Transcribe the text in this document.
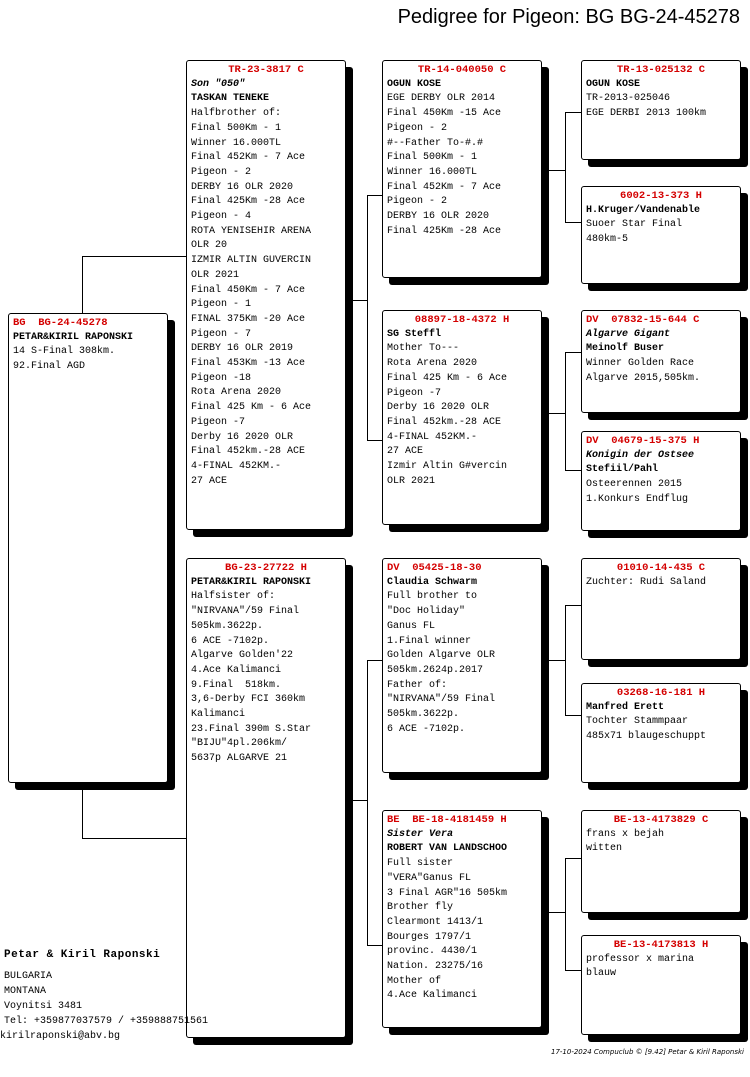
Pedigree for Pigeon: BG BG-24-45278
BG  BG-24-45278
PETAR&KIRIL RAPONSKI
14 S-Final 308km.
92.Final AGD
TR-23-3817 C
Son "050"
TASKAN TENEKE
Halfbrother of:
Final 500Km - 1
Winner 16.000TL
Final 452Km - 7 Ace
Pigeon - 2
DERBY 16 OLR 2020
Final 425Km -28 Ace
Pigeon - 4
ROTA YENISEHIR ARENA
OLR 20
IZMIR ALTIN GUVERCIN
OLR 2021
Final 450Km - 7 Ace
Pigeon - 1
FINAL 375Km -20 Ace
Pigeon - 7
DERBY 16 OLR 2019
Final 453Km -13 Ace
Pigeon -18
Rota Arena 2020
Final 425 Km - 6 Ace
Pigeon -7
Derby 16 2020 OLR
Final 452km.-28 ACE
4-FINAL 452KM.-
27 ACE
BG-23-27722 H
PETAR&KIRIL RAPONSKI
Halfsister of:
"NIRVANA"/59 Final
505km.3622p.
6 ACE -7102p.
Algarve Golden'22
4.Ace Kalimanci
9.Final  518km.
3,6-Derby FCI 360km
Kalimanci
23.Final 390m S.Star
"BIJU"4pl.206km/
5637p ALGARVE 21
TR-14-040050 C
OGUN KOSE
EGE DERBY OLR 2014
Final 450Km -15 Ace
Pigeon - 2
#--Father To-#.#
Final 500Km - 1
Winner 16.000TL
Final 452Km - 7 Ace
Pigeon - 2
DERBY 16 OLR 2020
Final 425Km -28 Ace
08897-18-4372 H
SG Steffl
Mother To---
Rota Arena 2020
Final 425 Km - 6 Ace
Pigeon -7
Derby 16 2020 OLR
Final 452km.-28 ACE
4-FINAL 452KM.-
27 ACE
Izmir Altin G#vercin
OLR 2021
DV  05425-18-30
Claudia Schwarm
Full brother to
"Doc Holiday"
Ganus FL
1.Final winner
Golden Algarve OLR
505km.2624p.2017
Father of:
"NIRVANA"/59 Final
505km.3622p.
6 ACE -7102p.
BE  BE-18-4181459 H
Sister Vera
ROBERT VAN LANDSCHOO
Full sister
"VERA"Ganus FL
3 Final AGR"16 505km
Brother fly
Clearmont 1413/1
Bourges 1797/1
provinc. 4430/1
Nation. 23275/16
Mother of
4.Ace Kalimanci
TR-13-025132 C
OGUN KOSE
TR-2013-025046
EGE DERBI 2013 100km
6002-13-373 H
H.Kruger/Vandenable
Suoer Star Final
480km-5
DV  07832-15-644 C
Algarve Gigant
Meinolf Buser
Winner Golden Race
Algarve 2015,505km.
DV  04679-15-375 H
Konigin der Ostsee
Stefiil/Pahl
Osteerennen 2015
1.Konkurs Endflug
01010-14-435 C
Zuchter: Rudi Saland
03268-16-181 H
Manfred Erett
Tochter Stammpaar
485x71 blaugeschuppt
BE-13-4173829 C
frans x bejah
witten
BE-13-4173813 H
professor x marina
blauw
Petar & Kiril Raponski
BULGARIA
MONTANA
Voynitsi 3481
Tel: +359877037579 / +359888751561
kirilraponski@abv.bg
17-10-2024 Compuclub © [9.42] Petar & Kiril Raponski
